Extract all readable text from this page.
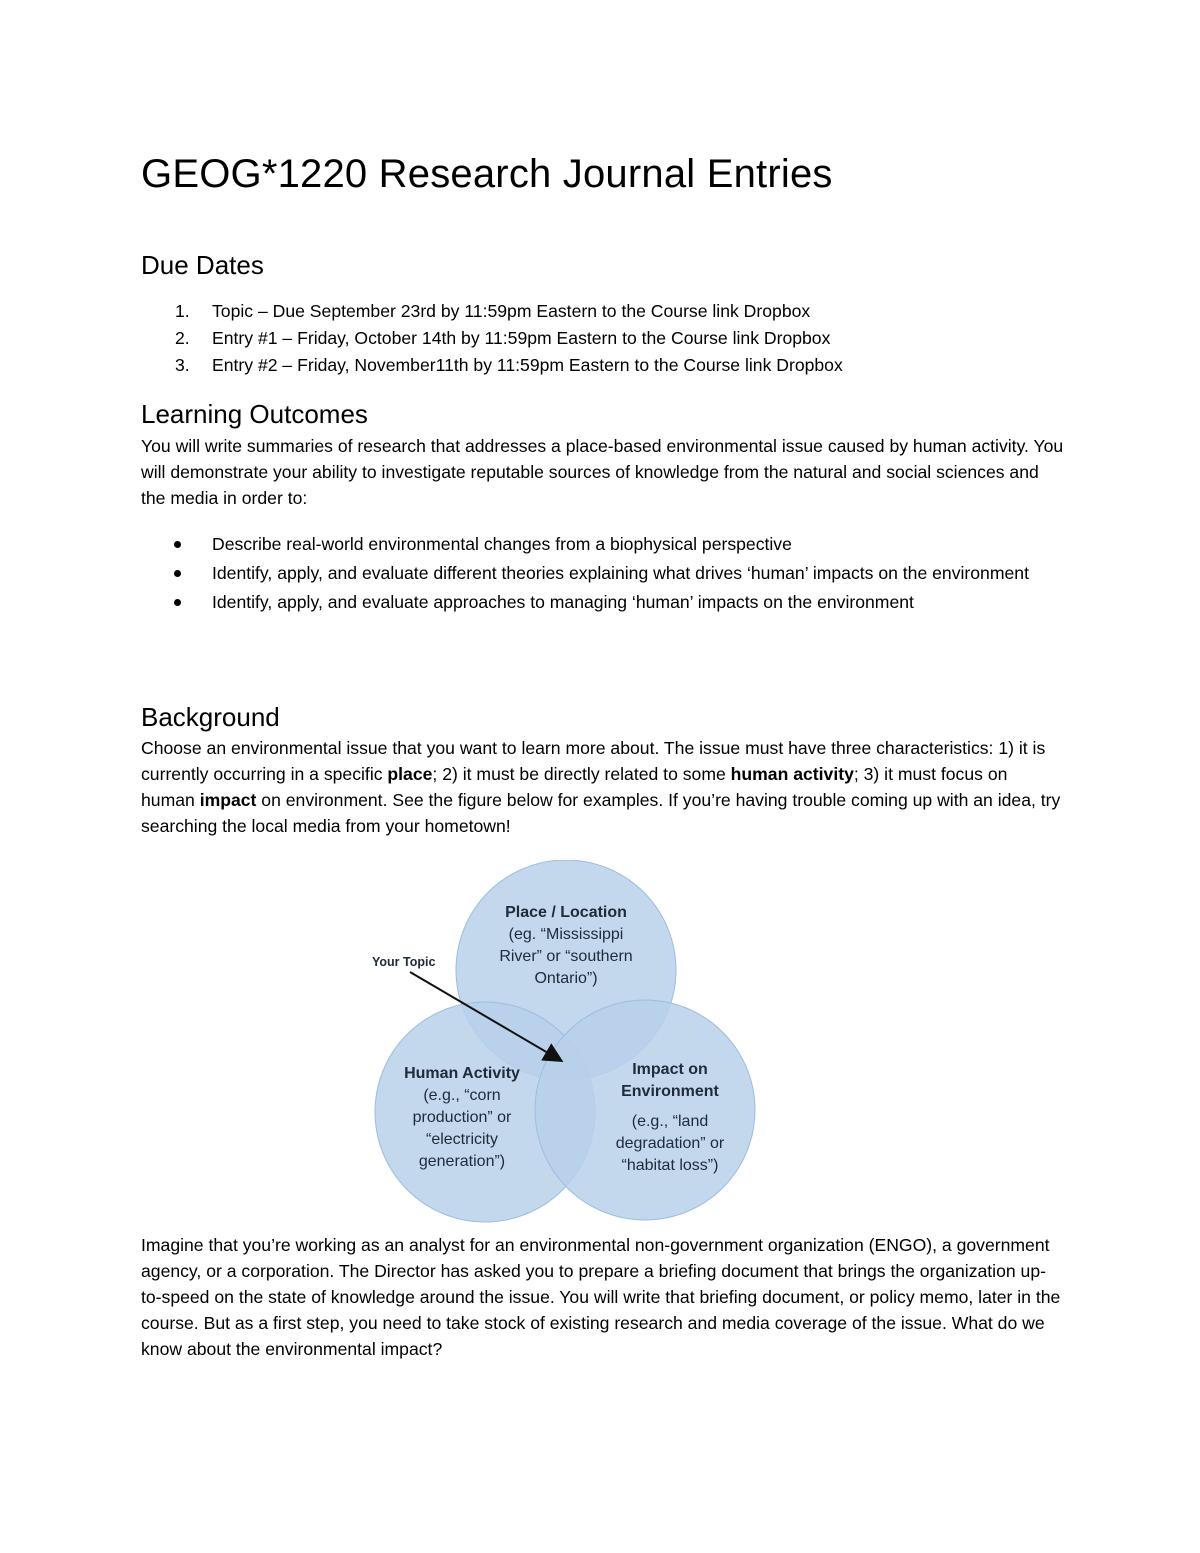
GEOG*1220 Research Journal Entries
Due Dates
1. Topic – Due September 23rd by 11:59pm Eastern to the Course link Dropbox
2. Entry #1 – Friday, October 14th by 11:59pm Eastern to the Course link Dropbox
3. Entry #2 – Friday, November11th by 11:59pm Eastern to the Course link Dropbox
Learning Outcomes

You will write summaries of research that addresses a place-based environmental issue caused by human activity. You will demonstrate your ability to investigate reputable sources of knowledge from the natural and social sciences and the media in order to:

Describe real-world environmental changes from a biophysical perspective
Identify, apply, and evaluate different theories explaining what drives ‘human’ impacts on the environment
Identify, apply, and evaluate approaches to managing ‘human’ impacts on the environment
Background

Choose an environmental issue that you want to learn more about. The issue must have three characteristics: 1) it is currently occurring in a specific place; 2) it must be directly related to some human activity; 3) it must focus on human impact on environment. See the figure below for examples. If you’re having trouble coming up with an idea, try searching the local media from your hometown!

Your Topic
Place / Location
(eg. “Mississippi
River” or “southern
Ontario”)
Human Activity
(e.g., “corn
production” or
“electricity
generation”)
Impact on
Environment
(e.g., “land
degradation” or
“habitat loss”)

Imagine that you’re working as an analyst for an environmental non-government organization (ENGO), a government agency, or a corporation. The Director has asked you to prepare a briefing document that brings the organization up-to-speed on the state of knowledge around the issue. You will write that briefing document, or policy memo, later in the course. But as a first step, you need to take stock of existing research and media coverage of the issue. What do we know about the environmental impact?
